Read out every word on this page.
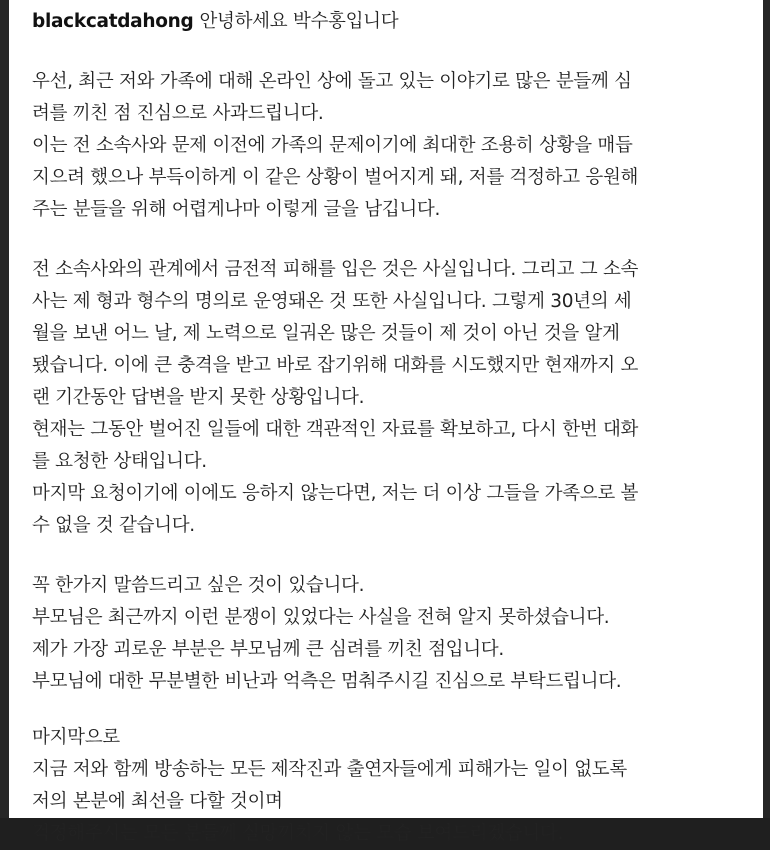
blackcatdahong 안녕하세요 박수홍입니다
우선, 최근 저와 가족에 대해 온라인 상에 돌고 있는 이야기로 많은 분들께 심
려를 끼친 점 진심으로 사과드립니다.
이는 전 소속사와 문제 이전에 가족의 문제이기에 최대한 조용히 상황을 매듭
지으려 했으나 부득이하게 이 같은 상황이 벌어지게 돼, 저를 걱정하고 응원해
주는 분들을 위해 어렵게나마 이렇게 글을 남깁니다.
전 소속사와의 관계에서 금전적 피해를 입은 것은 사실입니다. 그리고 그 소속
사는 제 형과 형수의 명의로 운영돼온 것 또한 사실입니다. 그렇게 30년의 세
월을 보낸 어느 날, 제 노력으로 일궈온 많은 것들이 제 것이 아닌 것을 알게
됐습니다. 이에 큰 충격을 받고 바로 잡기위해 대화를 시도했지만 현재까지 오
랜 기간동안 답변을 받지 못한 상황입니다.
현재는 그동안 벌어진 일들에 대한 객관적인 자료를 확보하고, 다시 한번 대화
를 요청한 상태입니다.
마지막 요청이기에 이에도 응하지 않는다면, 저는 더 이상 그들을 가족으로 볼
수 없을 것 같습니다.
꼭 한가지 말씀드리고 싶은 것이 있습니다.
부모님은 최근까지 이런 분쟁이 있었다는 사실을 전혀 알지 못하셨습니다.
제가 가장 괴로운 부분은 부모님께 큰 심려를 끼친 점입니다.
부모님에 대한 무분별한 비난과 억측은 멈춰주시길 진심으로 부탁드립니다.
마지막으로
지금 저와 함께 방송하는 모든 제작진과 출연자들에게 피해가는 일이 없도록
저의 본분에 최선을 다할 것이며
걱정해주시는 모든 분들께 실망끼치지 않는 모습 보여드리겠습니다.
